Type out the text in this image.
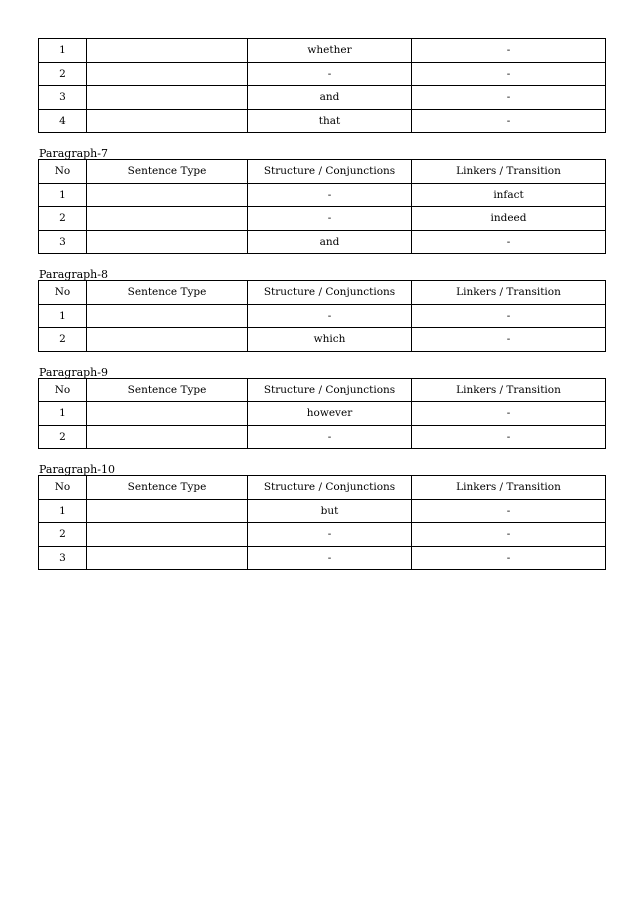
1		whether	-
2		-	-
3		and	-
4		that	-
Paragraph-7
No	Sentence Type	Structure / Conjunctions	Linkers / Transition
1		-	infact
2		-	indeed
3		and	-
Paragraph-8
No	Sentence Type	Structure / Conjunctions	Linkers / Transition
1		-	-
2		which	-
Paragraph-9
No	Sentence Type	Structure / Conjunctions	Linkers / Transition
1		however	-
2		-	-
Paragraph-10
No	Sentence Type	Structure / Conjunctions	Linkers / Transition
1		but	-
2		-	-
3		-	-
